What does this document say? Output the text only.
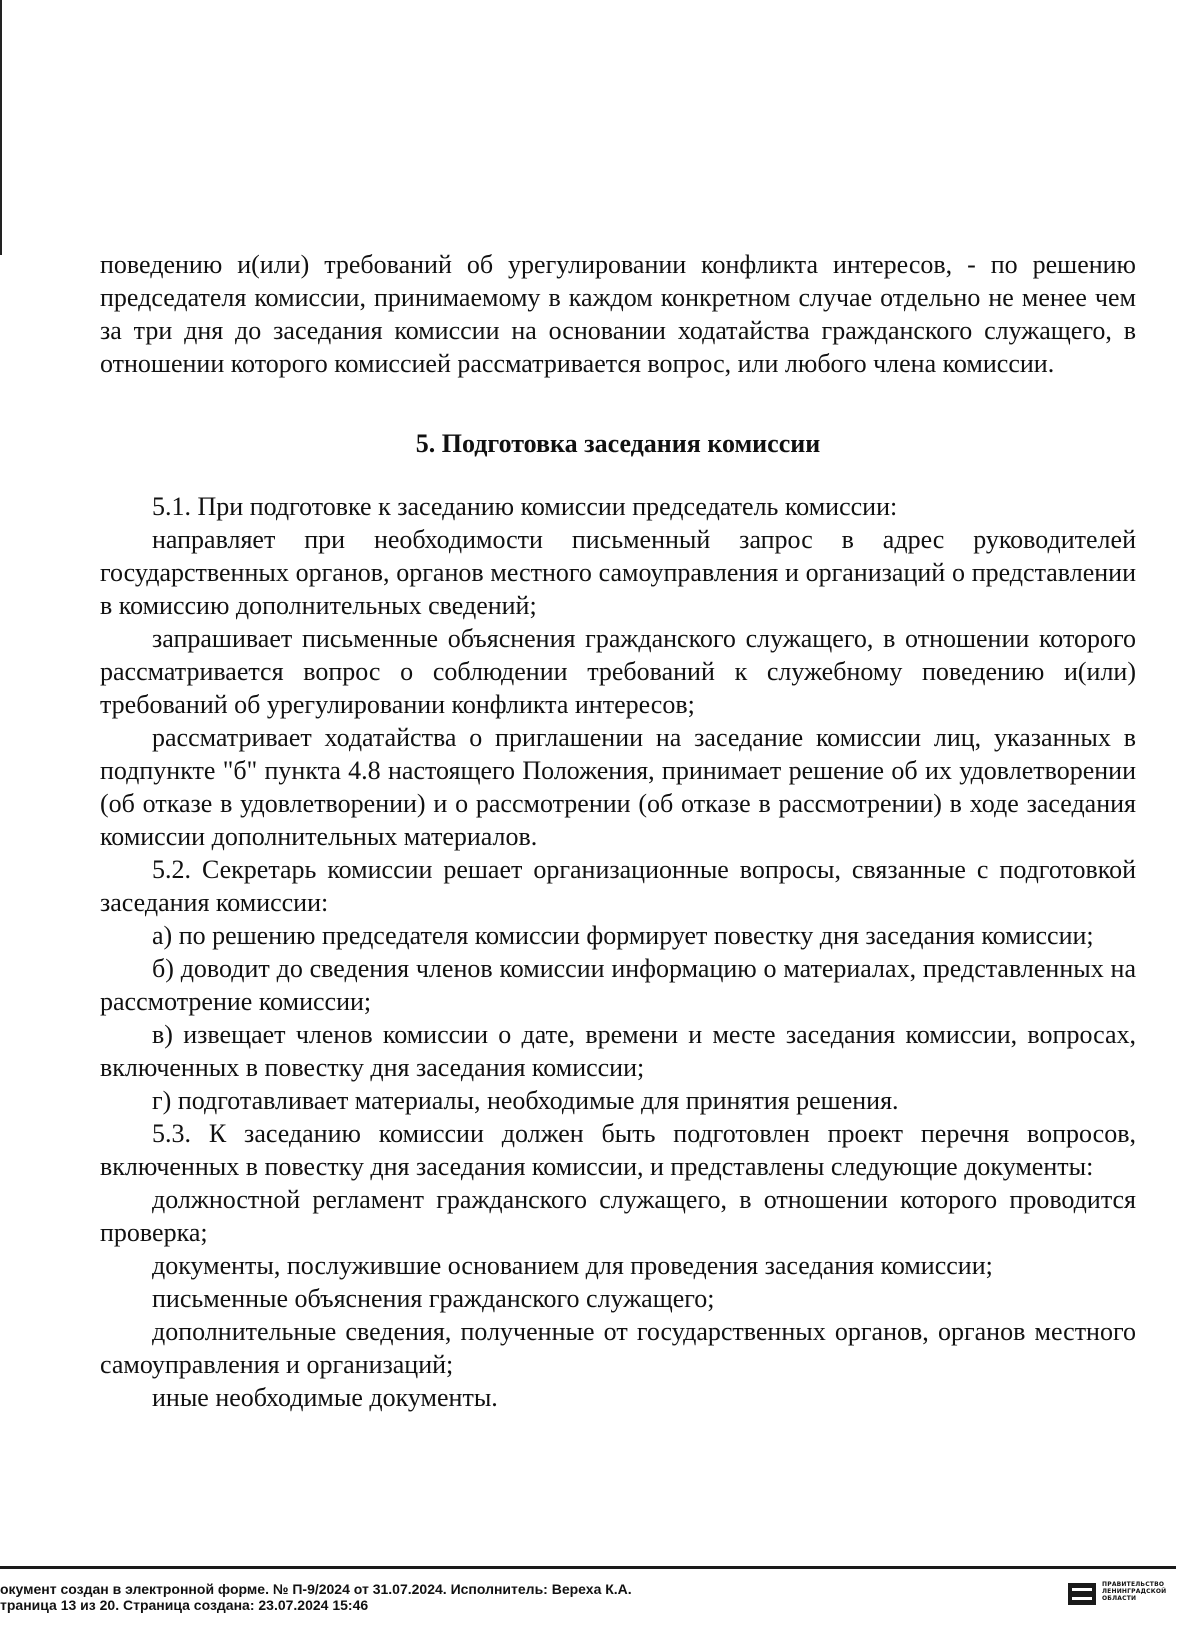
поведению и(или) требований об урегулировании конфликта интересов, - по решению председателя комиссии, принимаемому в каждом конкретном случае отдельно не менее чем за три дня до заседания комиссии на основании ходатайства гражданского служащего, в отношении которого комиссией рассматривается вопрос, или любого члена комиссии.

5. Подготовка заседания комиссии

5.1. При подготовке к заседанию комиссии председатель комиссии:

направляет при необходимости письменный запрос в адрес руководителей государственных органов, органов местного самоуправления и организаций о представлении в комиссию дополнительных сведений;

запрашивает письменные объяснения гражданского служащего, в отношении которого рассматривается вопрос о соблюдении требований к служебному поведению и(или) требований об урегулировании конфликта интересов;

рассматривает ходатайства о приглашении на заседание комиссии лиц, указанных в подпункте "б" пункта 4.8 настоящего Положения, принимает решение об их удовлетворении (об отказе в удовлетворении) и о рассмотрении (об отказе в рассмотрении) в ходе заседания комиссии дополнительных материалов.

5.2. Секретарь комиссии решает организационные вопросы, связанные с подготовкой заседания комиссии:

а) по решению председателя комиссии формирует повестку дня заседания комиссии;

б) доводит до сведения членов комиссии информацию о материалах, представленных на рассмотрение комиссии;

в) извещает членов комиссии о дате, времени и месте заседания комиссии, вопросах, включенных в повестку дня заседания комиссии;

г) подготавливает материалы, необходимые для принятия решения.

5.3. К заседанию комиссии должен быть подготовлен проект перечня вопросов, включенных в повестку дня заседания комиссии, и представлены следующие документы:

должностной регламент гражданского служащего, в отношении которого проводится проверка;

документы, послужившие основанием для проведения заседания комиссии;

письменные объяснения гражданского служащего;

дополнительные сведения, полученные от государственных органов, органов местного самоуправления и организаций;

иные необходимые документы.

окумент создан в электронной форме. № П-9/2024 от 31.07.2024. Исполнитель: Вереха К.А.
траница 13 из 20. Страница создана: 23.07.2024 15:46
ПРАВИТЕЛЬСТВО
ЛЕНИНГРАДСКОЙ
ОБЛАСТИ
